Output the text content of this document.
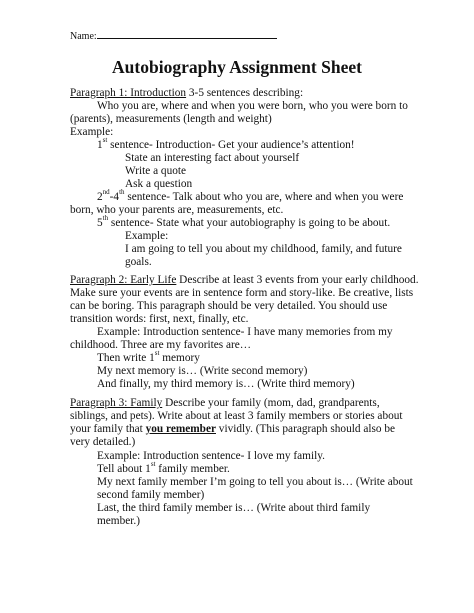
Name:
Autobiography Assignment Sheet
Paragraph 1: Introduction 3-5 sentences describing:
Who you are, where and when you were born, who you were born to
(parents), measurements (length and weight)
Example:
1st sentence- Introduction- Get your audience’s attention!
State an interesting fact about yourself
Write a quote
Ask a question
2nd-4th sentence- Talk about who you are, where and when you were
born, who your parents are, measurements, etc.
5th sentence- State what your autobiography is going to be about.
Example:
I am going to tell you about my childhood, family, and future
goals.
Paragraph 2: Early Life Describe at least 3 events from your early childhood.
Make sure your events are in sentence form and story-like. Be creative, lists
can be boring. This paragraph should be very detailed. You should use
transition words: first, next, finally, etc.
Example: Introduction sentence- I have many memories from my
childhood. Three are my favorites are…
Then write 1st memory
My next memory is… (Write second memory)
And finally, my third memory is… (Write third memory)
Paragraph 3: Family Describe your family (mom, dad, grandparents,
siblings, and pets). Write about at least 3 family members or stories about
your family that you remember vividly. (This paragraph should also be
very detailed.)
Example: Introduction sentence- I love my family.
Tell about 1st family member.
My next family member I’m going to tell you about is… (Write about
second family member)
Last, the third family member is… (Write about third family
member.)
